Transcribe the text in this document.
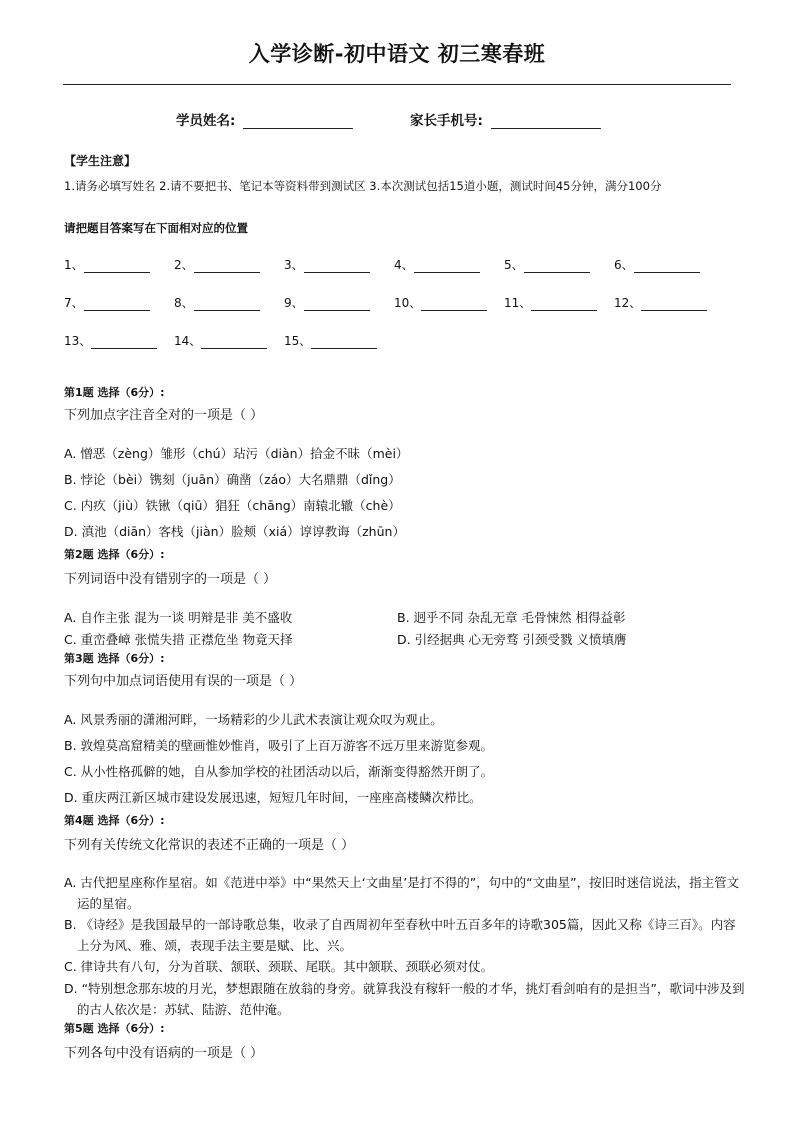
入学诊断-初中语文 初三寒春班
学员姓名:	家长手机号:
【学生注意】
1.请务必填写姓名 2.请不要把书、笔记本等资料带到测试区 3.本次测试包括15道小题，测试时间45分钟，满分100分
请把题目答案写在下面相对应的位置
1、	2、	3、	4、	5、	6、
7、	8、	9、	10、	11、	12、
13、	14、	15、
第1题 选择（6分）:
下列加点字注音全对的一项是（ ）
A. 憎恶（zèng）雏形（chú）玷污（diàn）拾金不昧（mèi）
B. 悖论（bèi）镌刻（juān）确凿（záo）大名鼎鼎（dǐng）
C. 内疚（jiù）铁锹（qiū）猖狂（chāng）南辕北辙（chè）
D. 滇池（diān）客栈（jiàn）脸颊（xiá）谆谆教诲（zhūn）
第2题 选择（6分）:
下列词语中没有错别字的一项是（ ）
A. 自作主张 混为一谈 明辩是非 美不盛收	B. 迥乎不同 杂乱无章 毛骨悚然 相得益彰
C. 重峦叠嶂 张慌失措 正襟危坐 物竟天择	D. 引经据典 心无旁骛 引颈受戮 义愤填膺
第3题 选择（6分）:
下列句中加点词语使用有误的一项是（ ）
A. 风景秀丽的潇湘河畔，一场精彩的少儿武术表演让观众叹为观止。
B. 敦煌莫高窟精美的壁画惟妙惟肖，吸引了上百万游客不远万里来游览参观。
C. 从小性格孤僻的她，自从参加学校的社团活动以后，渐渐变得豁然开朗了。
D. 重庆两江新区城市建设发展迅速，短短几年时间，一座座高楼鳞次栉比。
第4题 选择（6分）:
下列有关传统文化常识的表述不正确的一项是（ ）
A. 古代把星座称作星宿。如《范进中举》中“果然天上‘文曲星’是打不得的”，句中的“文曲星”，按旧时迷信说法，指主管文运的星宿。
B. 《诗经》是我国最早的一部诗歌总集，收录了自西周初年至春秋中叶五百多年的诗歌305篇，因此又称《诗三百》。内容上分为风、雅、颂，表现手法主要是赋、比、兴。
C. 律诗共有八句，分为首联、颔联、颈联、尾联。其中颔联、颈联必须对仗。
D. “特别想念那东坡的月光，梦想跟随在放翁的身旁。就算我没有稼轩一般的才华，挑灯看剑咱有的是担当”，歌词中涉及到的古人依次是：苏轼、陆游、范仲淹。
第5题 选择（6分）:
下列各句中没有语病的一项是（ ）
